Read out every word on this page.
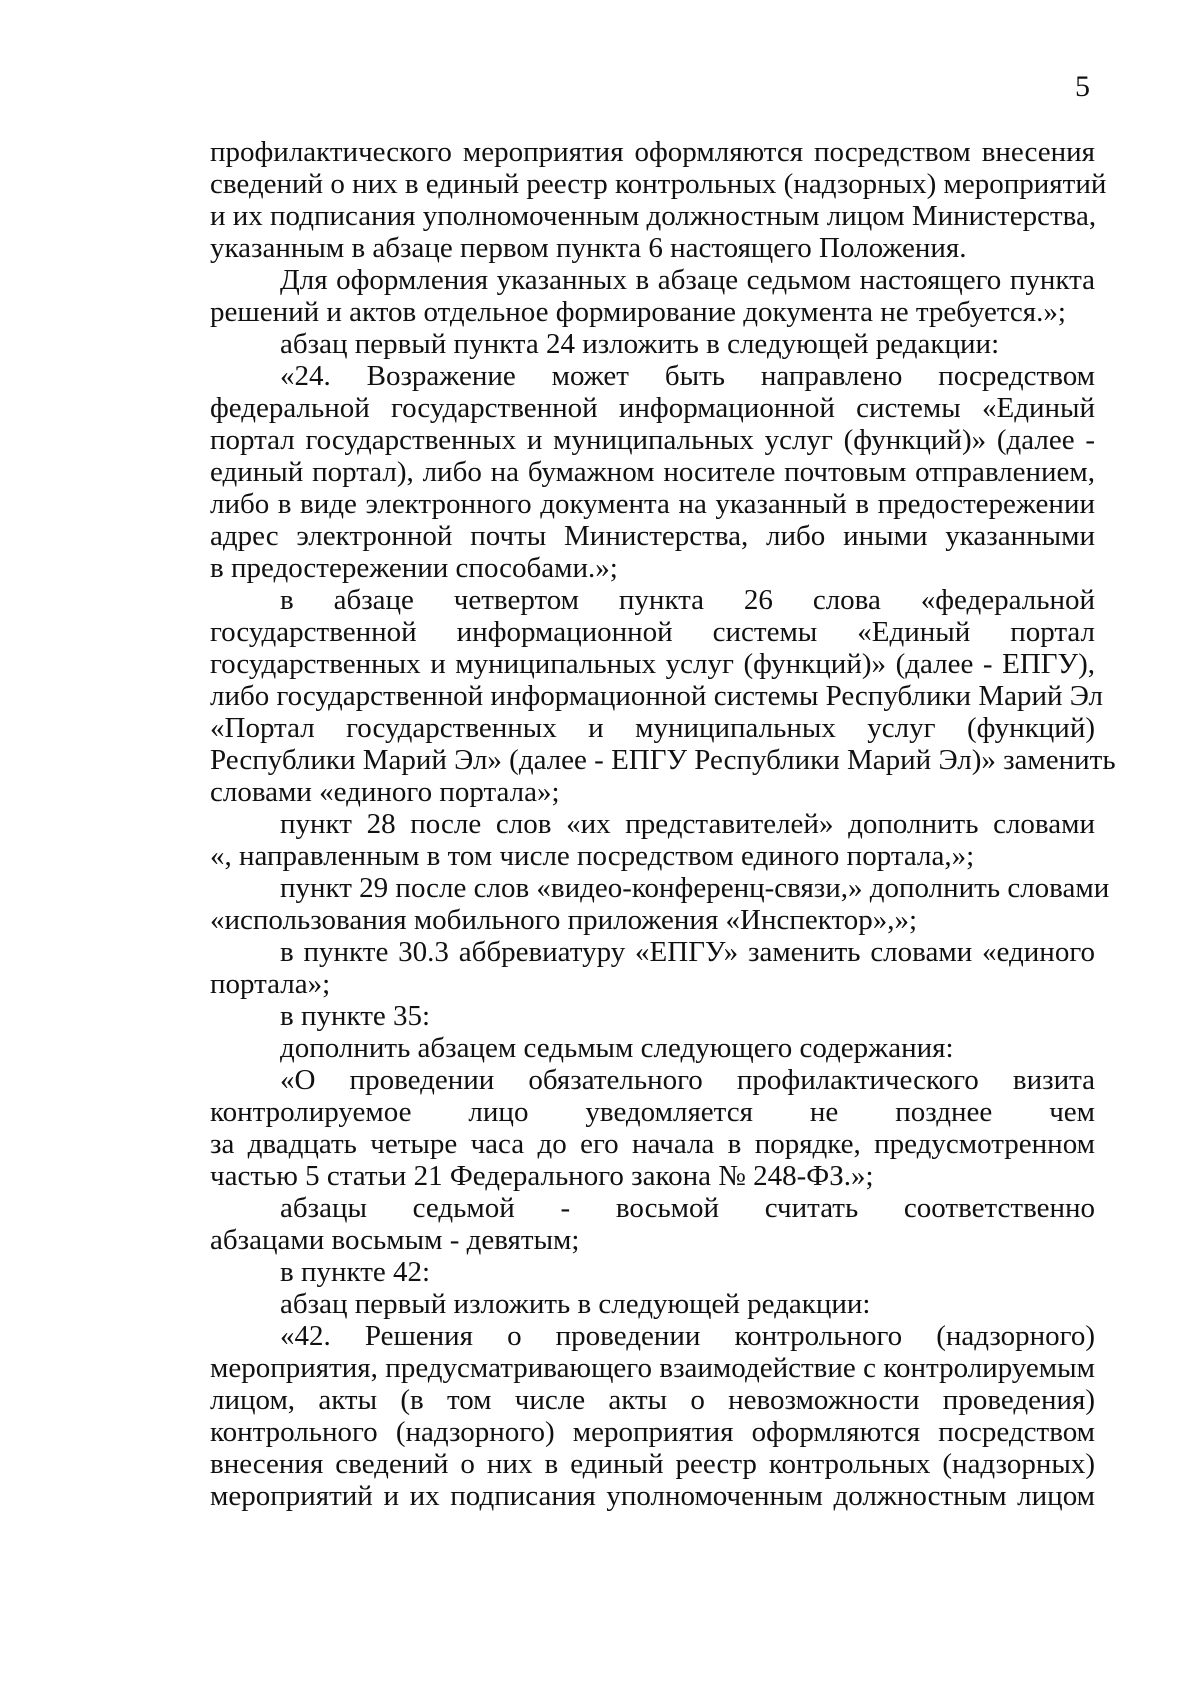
5
профилактического мероприятия оформляются посредством внесения
сведений о них в единый реестр контрольных (надзорных) мероприятий
и их подписания уполномоченным должностным лицом Министерства,
указанным в абзаце первом пункта 6 настоящего Положения.
Для оформления указанных в абзаце седьмом настоящего пункта
решений и актов отдельное формирование документа не требуется.»;
абзац первый пункта 24 изложить в следующей редакции:
«24. Возражение может быть направлено посредством
федеральной государственной информационной системы «Единый
портал государственных и муниципальных услуг (функций)» (далее -
единый портал), либо на бумажном носителе почтовым отправлением,
либо в виде электронного документа на указанный в предостережении
адрес электронной почты Министерства, либо иными указанными
в предостережении способами.»;
в абзаце четвертом пункта 26 слова «федеральной
государственной информационной системы «Единый портал
государственных и муниципальных услуг (функций)» (далее - ЕПГУ),
либо государственной информационной системы Республики Марий Эл
«Портал государственных и муниципальных услуг (функций)
Республики Марий Эл» (далее - ЕПГУ Республики Марий Эл)» заменить
словами «единого портала»;
пункт 28 после слов «их представителей» дополнить словами
«, направленным в том числе посредством единого портала,»;
пункт 29 после слов «видео-конференц-связи,» дополнить словами
«использования мобильного приложения «Инспектор»,»;
в пункте 30.3 аббревиатуру «ЕПГУ» заменить словами «единого
портала»;
в пункте 35:
дополнить абзацем седьмым следующего содержания:
«О проведении обязательного профилактического визита
контролируемое лицо уведомляется не позднее чем
за двадцать четыре часа до его начала в порядке, предусмотренном
частью 5 статьи 21 Федерального закона № 248-ФЗ.»;
абзацы седьмой - восьмой считать соответственно
абзацами восьмым - девятым;
в пункте 42:
абзац первый изложить в следующей редакции:
«42. Решения о проведении контрольного (надзорного)
мероприятия, предусматривающего взаимодействие с контролируемым
лицом, акты (в том числе акты о невозможности проведения)
контрольного (надзорного) мероприятия оформляются посредством
внесения сведений о них в единый реестр контрольных (надзорных)
мероприятий и их подписания уполномоченным должностным лицом
